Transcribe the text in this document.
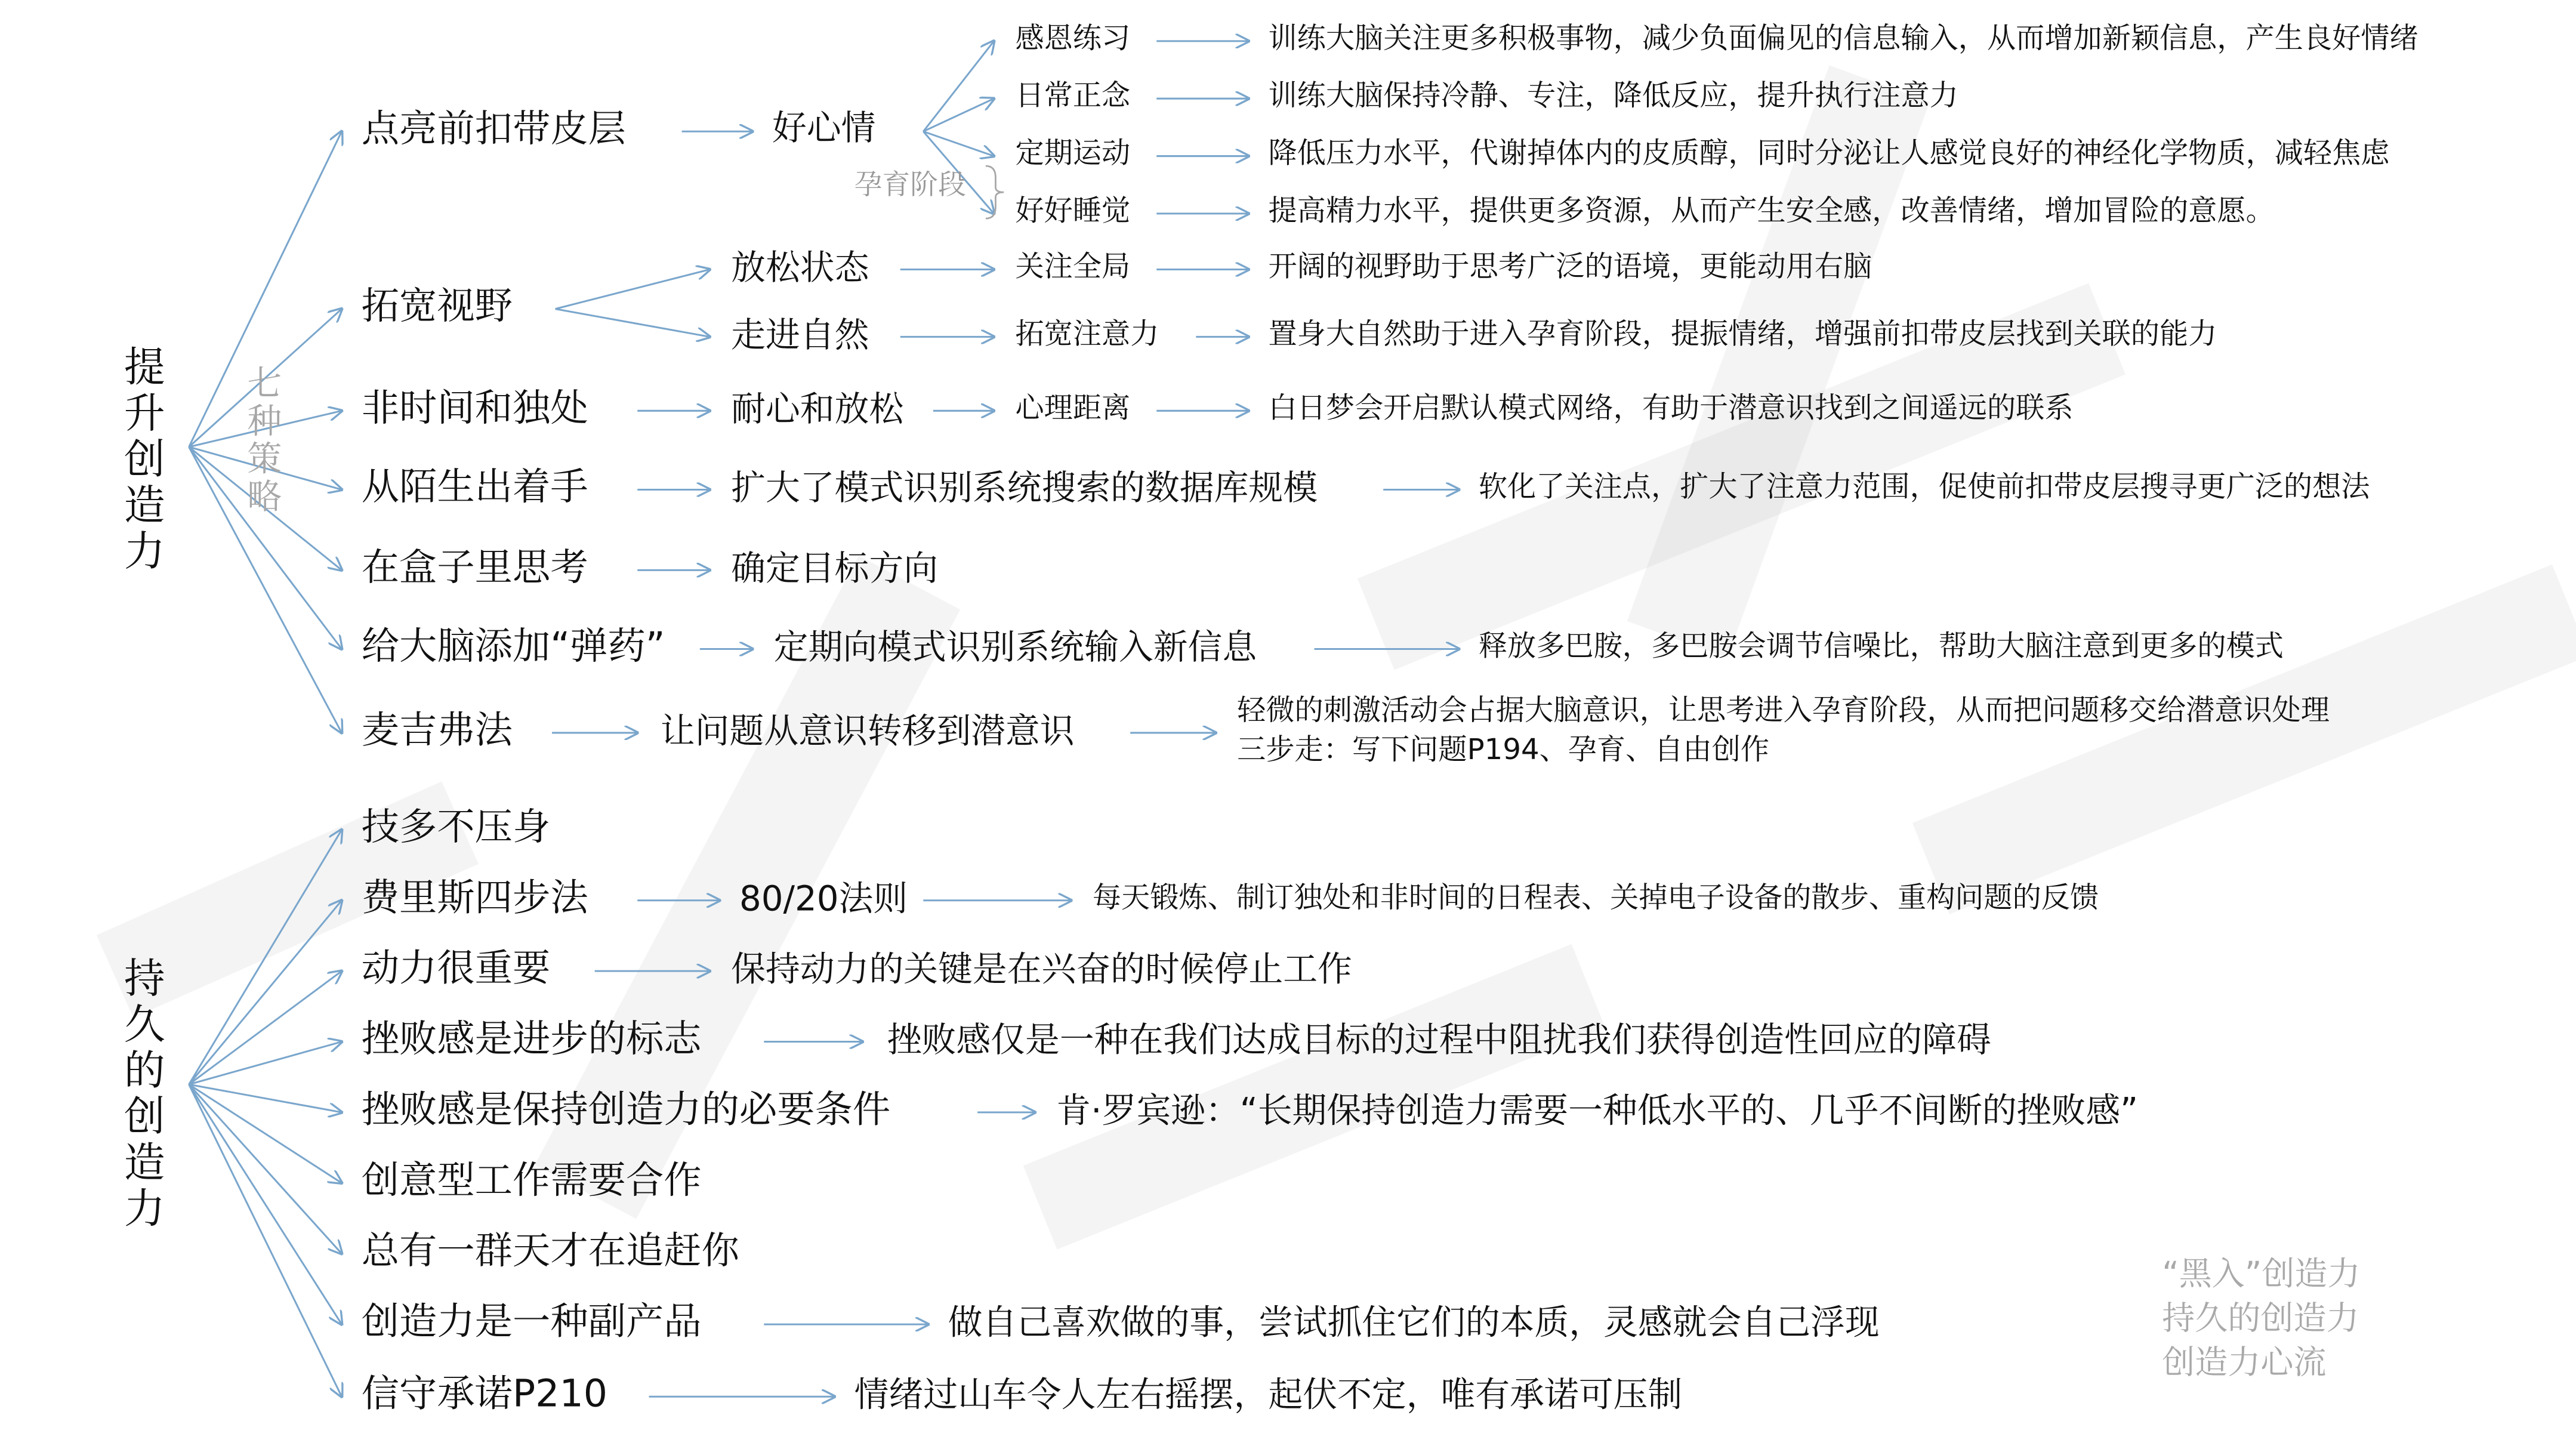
提升创造力
持久的创造力
七种策略
点亮前扣带皮层	好心情
孕育阶段
感恩练习	训练大脑关注更多积极事物，减少负面偏见的信息输入，从而增加新颖信息，产生良好情绪
日常正念	训练大脑保持冷静、专注，降低反应，提升执行注意力
定期运动	降低压力水平，代谢掉体内的皮质醇，同时分泌让人感觉良好的神经化学物质，减轻焦虑
好好睡觉	提高精力水平，提供更多资源，从而产生安全感，改善情绪，增加冒险的意愿。
拓宽视野
放松状态	关注全局	开阔的视野助于思考广泛的语境，更能动用右脑
走进自然	拓宽注意力	置身大自然助于进入孕育阶段，提振情绪，增强前扣带皮层找到关联的能力
非时间和独处	耐心和放松	心理距离	白日梦会开启默认模式网络，有助于潜意识找到之间遥远的联系
从陌生出着手	扩大了模式识别系统搜索的数据库规模	软化了关注点，扩大了注意力范围，促使前扣带皮层搜寻更广泛的想法
在盒子里思考	确定目标方向
给大脑添加“弹药”	定期向模式识别系统输入新信息	释放多巴胺，多巴胺会调节信噪比，帮助大脑注意到更多的模式
麦吉弗法	让问题从意识转移到潜意识	轻微的刺激活动会占据大脑意识，让思考进入孕育阶段，从而把问题移交给潜意识处理
三步走：写下问题P194、孕育、自由创作
技多不压身
费里斯四步法	80/20法则	每天锻炼、制订独处和非时间的日程表、关掉电子设备的散步、重构问题的反馈
动力很重要	保持动力的关键是在兴奋的时候停止工作
挫败感是进步的标志	挫败感仅是一种在我们达成目标的过程中阻扰我们获得创造性回应的障碍
挫败感是保持创造力的必要条件	肯·罗宾逊：“长期保持创造力需要一种低水平的、几乎不间断的挫败感”
创意型工作需要合作
总有一群天才在追赶你
创造力是一种副产品	做自己喜欢做的事，尝试抓住它们的本质，灵感就会自己浮现
信守承诺P210	情绪过山车令人左右摇摆，起伏不定，唯有承诺可压制
“黑入”创造力
持久的创造力
创造力心流
